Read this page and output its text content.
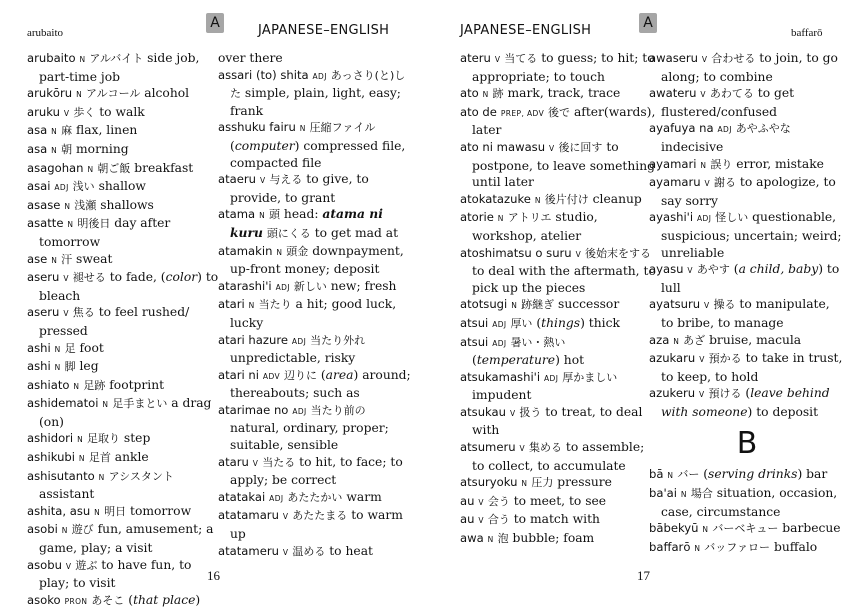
arubaito
A	JAPANESE–ENGLISH
arubaito N アルバイト side job, part-time job
arukōru N アルコール alcohol
aruku V 歩く to walk
asa N 麻 flax, linen
asa N 朝 morning
asagohan N 朝ご飯 breakfast
asai ADJ 浅い shallow
asase N 浅瀬 shallows
asatte N 明後日 day after tomorrow
ase N 汗 sweat
aseru V 褪せる to fade, (color) to bleach
aseru V 焦る to feel rushed/ pressed
ashi N 足 foot
ashi N 脚 leg
ashiato N 足跡 footprint
ashidematoi N 足手まとい a drag (on)
ashidori N 足取り step
ashikubi N 足首 ankle
ashisutanto N アシスタント assistant
ashita, asu N 明日 tomorrow
asobi N 遊び fun, amusement; a game, play; a visit
asobu V 遊ぶ to have fun, to play; to visit
asoko PRON あそこ (that place)
over there
assari (to) shita ADJ あっさり(と)した simple, plain, light, easy; frank
asshuku fairu N 圧縮ファイル (computer) compressed file, compacted file
ataeru V 与える to give, to provide, to grant
atama N 頭 head: atama ni kuru 頭にくる to get mad at
atamakin N 頭金 downpayment, up-front money; deposit
atarashi'i ADJ 新しい new; fresh
atari N 当たり a hit; good luck, lucky
atari hazure ADJ 当たり外れ unpredictable, risky
atari ni ADV 辺りに (area) around; thereabouts; such as
atarimae no ADJ 当たり前の natural, ordinary, proper; suitable, sensible
ataru V 当たる to hit, to face; to apply; be correct
atatakai ADJ あたたかい warm
atatamaru V あたたまる to warm up
atatameru V 温める to heat
16
JAPANESE–ENGLISH	A
baffarō
ateru V 当てる to guess; to hit; to appropriate; to touch
ato N 跡 mark, track, trace
ato de PREP, ADV 後で after(wards), later
ato ni mawasu V 後に回す to postpone, to leave something until later
atokatazuke N 後片付け cleanup
atorie N アトリエ studio, workshop, atelier
atoshimatsu o suru V 後始末をする to deal with the aftermath, to pick up the pieces
atotsugi N 跡継ぎ successor
atsui ADJ 厚い (things) thick
atsui ADJ 暑い・熱い (temperature) hot
atsukamashi'i ADJ 厚かましい impudent
atsukau V 扱う to treat, to deal with
atsumeru V 集める to assemble; to collect, to accumulate
atsuryoku N 圧力 pressure
au V 会う to meet, to see
au V 合う to match with
awa N 泡 bubble; foam
awaseru V 合わせる to join, to go along; to combine
awateru V あわてる to get flustered/confused
ayafuya na ADJ あやふやな indecisive
ayamari N 誤り error, mistake
ayamaru V 謝る to apologize, to say sorry
ayashi'i ADJ 怪しい questionable, suspicious; uncertain; weird; unreliable
ayasu V あやす (a child, baby) to lull
ayatsuru V 操る to manipulate, to bribe, to manage
aza N あざ bruise, macula
azukaru V 預かる to take in trust, to keep, to hold
azukeru V 預ける (leave behind with someone) to deposit
B
bā N バー (serving drinks) bar
ba'ai N 場合 situation, occasion, case, circumstance
bābekyū N バーベキュー barbecue
baffarō N バッファロー buffalo
17
